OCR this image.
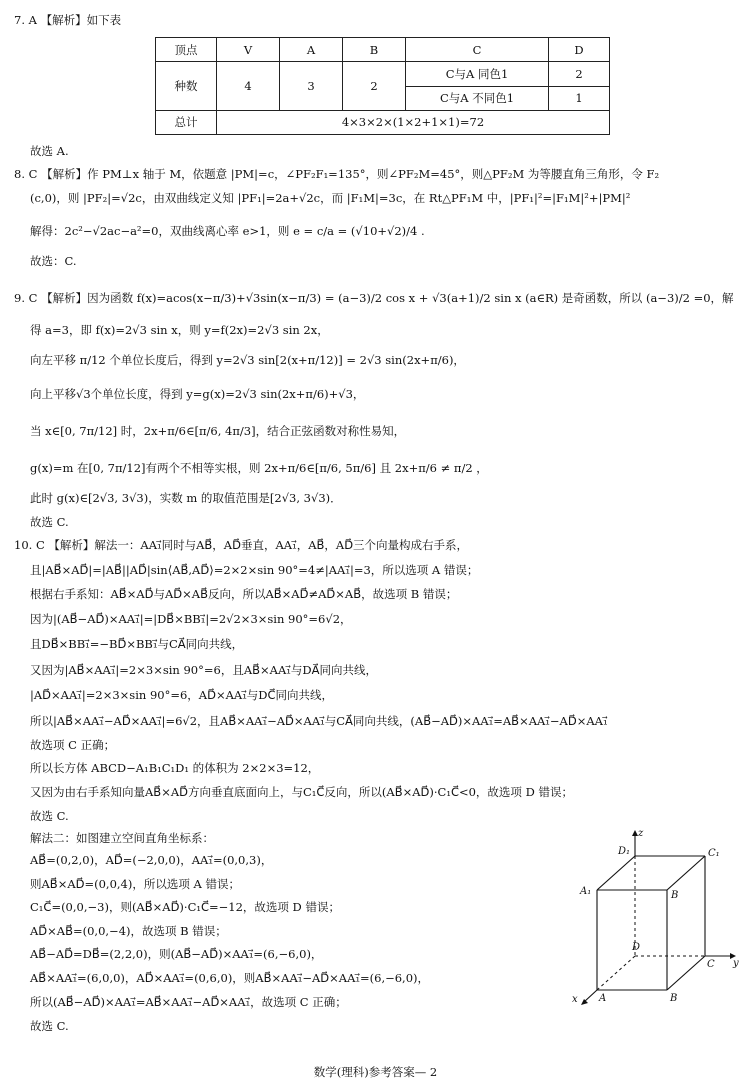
7. A 【解析】如下表
顶点	V	A	B	C	D
种数	4	3	2	C与A 同色1	2
				C与A 不同色1	1
总计	4×3×2×(1×2+1×1)=72				
故选 A.
8. C 【解析】作 PM⊥x 轴于 M，依题意 |PM|=c，∠PF₂F₁=135°，则∠PF₂M=45°，则△PF₂M 为等腰直角三角形，令 F₂
(c,0)，则 |PF₂|=√2c，由双曲线定义知 |PF₁|=2a+√2c，而 |F₁M|=3c，在 Rt△PF₁M 中，|PF₁|²=|F₁M|²+|PM|²
解得：2c²−√2ac−a²=0，双曲线离心率 e>1，则 e = c/a = (√10+√2)/4 .
故选：C.
9. C 【解析】因为函数 f(x)=acos(x−π/3)+√3sin(x−π/3) = (a−3)/2 cos x + √3(a+1)/2 sin x (a∈R) 是奇函数，所以 (a−3)/2 =0，解
得 a=3，即 f(x)=2√3 sin x，则 y=f(2x)=2√3 sin 2x，
向左平移 π/12 个单位长度后，得到 y=2√3 sin[2(x+π/12)] = 2√3 sin(2x+π/6)，
向上平移√3个单位长度，得到 y=g(x)=2√3 sin(2x+π/6)+√3，
当 x∈[0, 7π/12] 时，2x+π/6∈[π/6, 4π/3]，结合正弦函数对称性易知，
g(x)=m 在[0, 7π/12]有两个不相等实根，则 2x+π/6∈[π/6, 5π/6] 且 2x+π/6 ≠ π/2 ，
此时 g(x)∈[2√3, 3√3)，实数 m 的取值范围是[2√3, 3√3)．
故选 C.
10. C 【解析】解法一：AA₁⃗同时与AB⃗，AD⃗垂直，AA₁⃗，AB⃗，AD⃗三个向量构成右手系，
且|AB⃗×AD⃗|=|AB⃗||AD⃗|sin⟨AB⃗,AD⃗⟩=2×2×sin 90°=4≠|AA₁⃗|=3，所以选项 A 错误；
根据右手系知：AB⃗×AD⃗与AD⃗×AB⃗反向，所以AB⃗×AD⃗≠AD⃗×AB⃗，故选项 B 错误；
因为|(AB⃗−AD⃗)×AA₁⃗|=|DB⃗×BB₁⃗|=2√2×3×sin 90°=6√2，
且DB⃗×BB₁⃗=−BD⃗×BB₁⃗与CA⃗同向共线，
又因为|AB⃗×AA₁⃗|=2×3×sin 90°=6，且AB⃗×AA₁⃗与DA⃗同向共线，
|AD⃗×AA₁⃗|=2×3×sin 90°=6，AD⃗×AA₁⃗与DC⃗同向共线，
所以|AB⃗×AA₁⃗−AD⃗×AA₁⃗|=6√2，且AB⃗×AA₁⃗−AD⃗×AA₁⃗与CA⃗同向共线，(AB⃗−AD⃗)×AA₁⃗=AB⃗×AA₁⃗−AD⃗×AA₁⃗
故选项 C 正确；
所以长方体 ABCD−A₁B₁C₁D₁ 的体积为 2×2×3=12，
又因为由右手系知向量AB⃗×AD⃗方向垂直底面向上，与C₁C⃗反向，所以(AB⃗×AD⃗)·C₁C⃗<0，故选项 D 错误；
故选 C.
解法二：如图建立空间直角坐标系：
AB⃗=(0,2,0)，AD⃗=(−2,0,0)，AA₁⃗=(0,0,3)，
则AB⃗×AD⃗=(0,0,4)，所以选项 A 错误；
C₁C⃗=(0,0,−3)，则(AB⃗×AD⃗)·C₁C⃗=−12，故选项 D 错误；
AD⃗×AB⃗=(0,0,−4)，故选项 B 错误；
AB⃗−AD⃗=DB⃗=(2,2,0)，则(AB⃗−AD⃗)×AA₁⃗=(6,−6,0)，
AB⃗×AA₁⃗=(6,0,0)，AD⃗×AA₁⃗=(0,6,0)，则AB⃗×AA₁⃗−AD⃗×AA₁⃗=(6,−6,0)，
所以(AB⃗−AD⃗)×AA₁⃗=AB⃗×AA₁⃗−AD⃗×AA₁⃗，故选项 C 正确；
故选 C.
z
D₁	C₁
A₁	B
D
C y
x A	B
数学(理科)参考答案— 2
